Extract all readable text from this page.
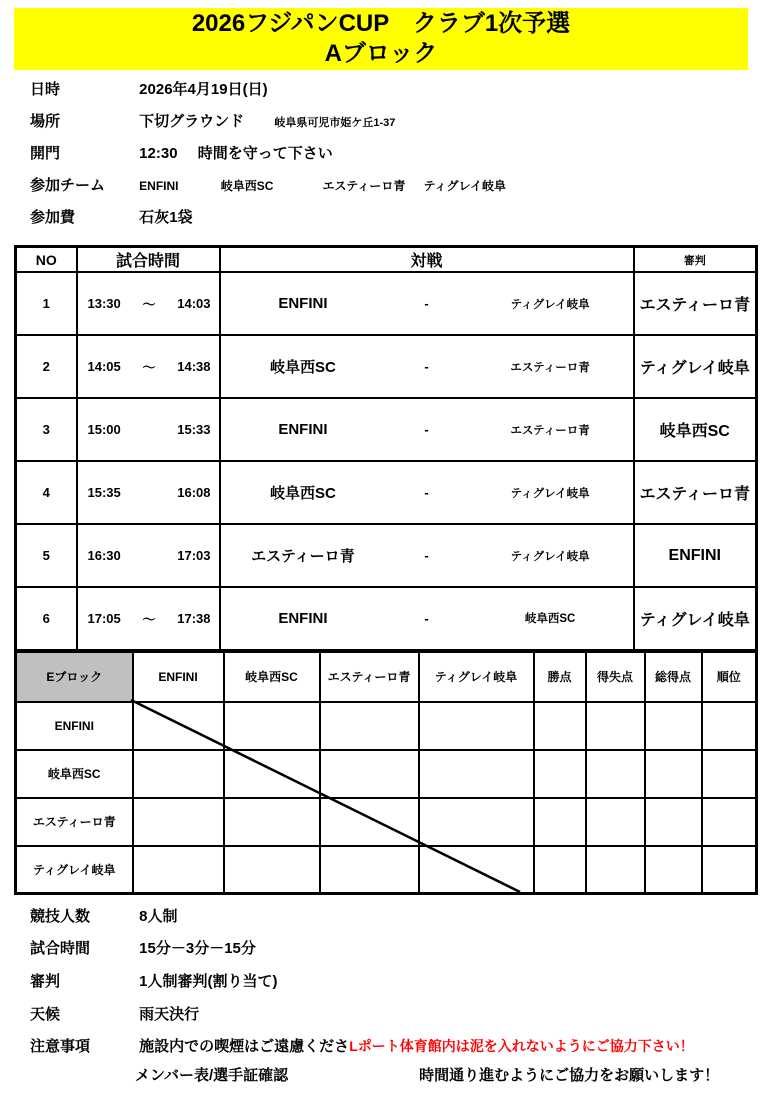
2026フジパンCUP　クラブ1次予選
Aブロック
日時	2026年4月19日(日)
場所	下切グラウンド	岐阜県可児市姫ケ丘1-37
開門	12:30 時間を守って下さい
参加チーム	ENFINI	岐阜西SC	エスティーロ青 ティグレイ岐阜
参加費	石灰1袋
NO	試合時間	対戦	審判
1	13:30 ～ 14:03	ENFINI - ティグレイ岐阜	エスティーロ青
2	14:05 ～ 14:38	岐阜西SC - エスティーロ青	ティグレイ岐阜
3	15:00 15:33	ENFINI - エスティーロ青	岐阜西SC
4	15:35 16:08	岐阜西SC - ティグレイ岐阜	エスティーロ青
5	16:30 17:03	エスティーロ青 - ティグレイ岐阜	ENFINI
6	17:05 ～ 17:38	ENFINI - 岐阜西SC	ティグレイ岐阜
Eブロック	ENFINI	岐阜西SC	エスティーロ青	ティグレイ岐阜	勝点	得失点	総得点	順位
ENFINI								
岐阜西SC								
エスティーロ青								
ティグレイ岐阜								
競技人数	8人制
試合時間	15分－3分－15分
審判	1人制審判(割り当て)
天候	雨天決行
注意事項	施設内での喫煙はご遠慮くださLポート体育館内は泥を入れないようにご協力下さい！
メンバー表/選手証確認	時間通り進むようにご協力をお願いします！
